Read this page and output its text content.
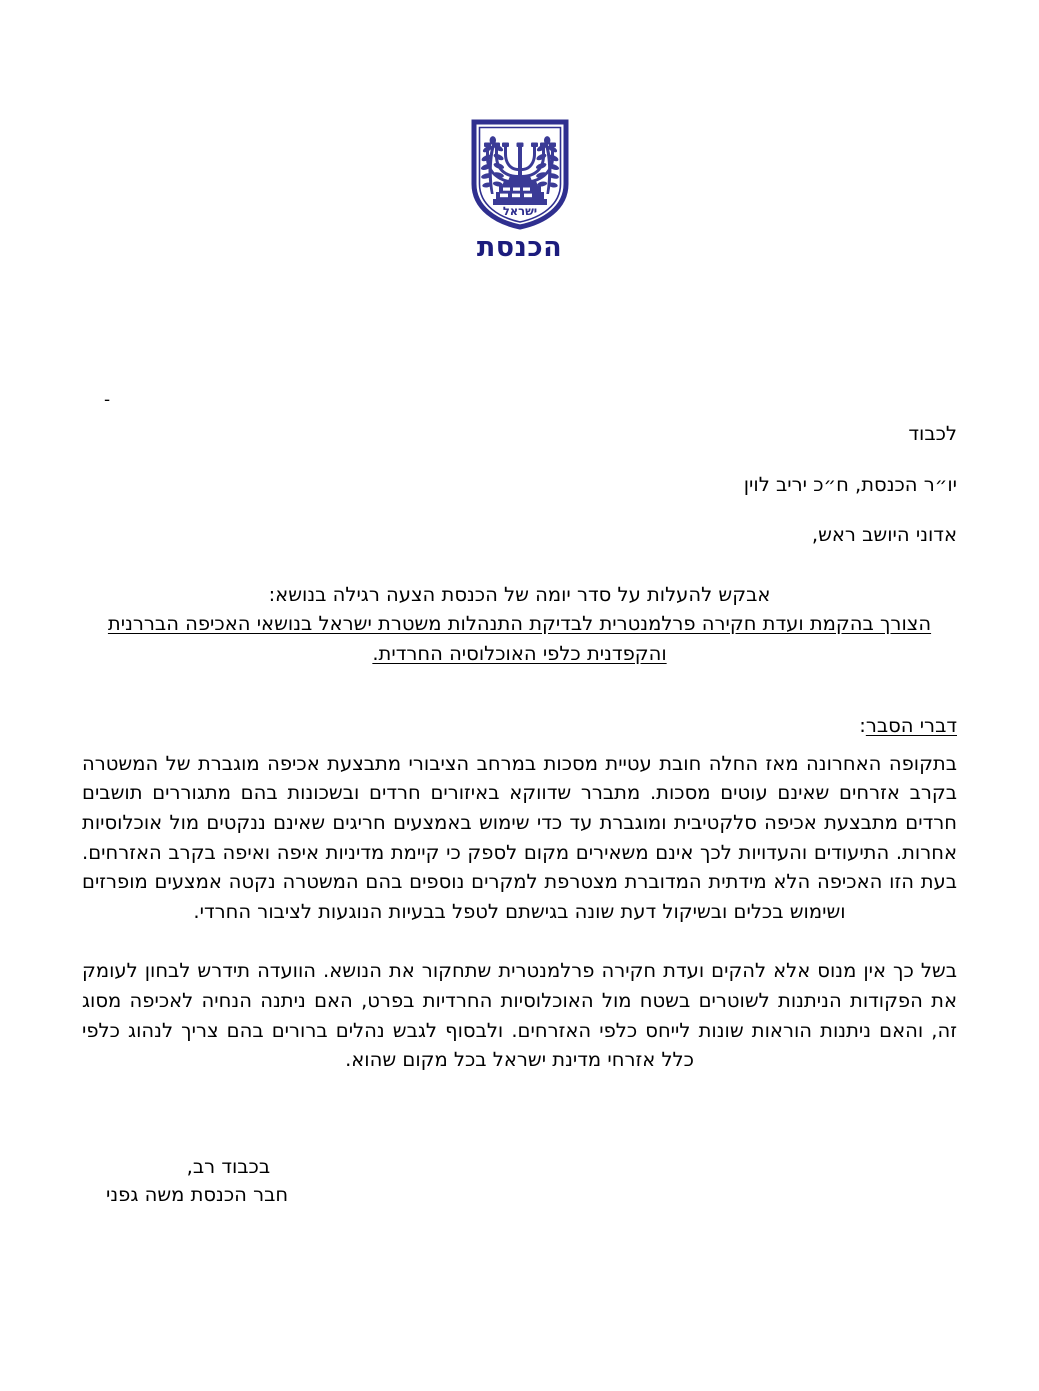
ישראל
הכנסת
-
לכבוד
יו״ר הכנסת, ח״כ יריב לוין
אדוני היושב ראש,
אבקש להעלות על סדר יומה של הכנסת הצעה רגילה בנושא:
הצורך בהקמת ועדת חקירה פרלמנטרית לבדיקת התנהלות משטרת ישראל בנושאי האכיפה הבררנית והקפדנית כלפי האוכלוסיה החרדית.
דברי הסבר:

בתקופה האחרונה מאז החלה חובת עטיית מסכות במרחב הציבורי מתבצעת אכיפה מוגברת של המשטרה בקרב אזרחים שאינם עוטים מסכות. מתברר שדווקא באיזורים חרדים ובשכונות בהם מתגוררים תושבים חרדים מתבצעת אכיפה סלקטיבית ומוגברת עד כדי שימוש באמצעים חריגים שאינם ננקטים מול אוכלוסיות אחרות. התיעודים והעדויות לכך אינם משאירים מקום לספק כי קיימת מדיניות איפה ואיפה בקרב האזרחים. בעת הזו האכיפה הלא מידתית המדוברת מצטרפת למקרים נוספים בהם המשטרה נקטה אמצעים מופרזים ושימוש בכלים ובשיקול דעת שונה בגישתם לטפל בבעיות הנוגעות לציבור החרדי.

בשל כך אין מנוס אלא להקים ועדת חקירה פרלמנטרית שתחקור את הנושא. הוועדה תידרש לבחון לעומק את הפקודות הניתנות לשוטרים בשטח מול האוכלוסיות החרדיות בפרט, האם ניתנה הנחיה לאכיפה מסוג זה, והאם ניתנות הוראות שונות לייחס כלפי האזרחים. ולבסוף לגבש נהלים ברורים בהם צריך לנהוג כלפי כלל אזרחי מדינת ישראל בכל מקום שהוא.

בכבוד רב,
חבר הכנסת משה גפני
